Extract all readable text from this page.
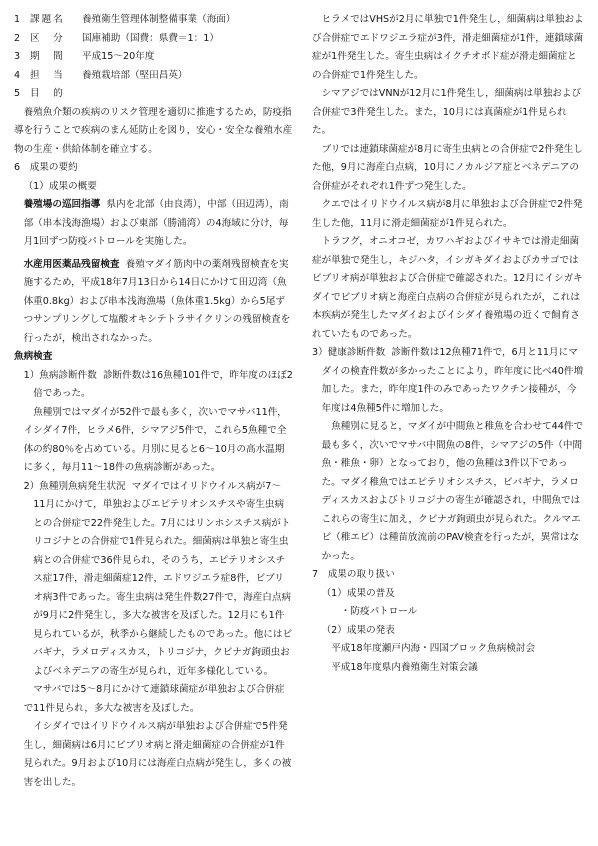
1	課題名	養殖衛生管理体制整備事業（海面）
2	区　分	国庫補助（国費：県費＝1：1）
3	期　間	平成15～20年度
4	担　当	養殖栽培部（堅田昌英）
5	目　的

養殖魚介類の疾病のリスク管理を適切に推進するため，防疫指導を行うことで疾病のまん延防止を図り，安心・安全な養殖水産物の生産・供給体制を確立する。

6　成果の要約

（1）成果の概要

養殖場の巡回指導 県内を北部（由良湾），中部（田辺湾），南部（串本浅海漁場）および東部（勝浦湾）の4海域に分け，毎月1回ずつ防疫パトロールを実施した。

水産用医薬品残留検査 養殖マダイ筋肉中の薬剤残留検査を実施するため，平成18年7月13日から14日にかけて田辺湾（魚体重0.8kg）および串本浅海漁場（魚体重1.5kg）から5尾ずつサンプリングして塩酸オキシテトラサイクリンの残留検査を行ったが，検出されなかった。

魚病検査

1）魚病診断件数 診断件数は16魚種101件で，昨年度のほぼ2倍であった。

魚種別ではマダイが52件で最も多く，次いでマサバ11件，イシダイ7件，ヒラメ6件，シマアジ5件で，これら5魚種で全体の約80％を占めている。月別に見ると6～10月の高水温期に多く，毎月11～18件の魚病診断があった。

2）魚種別魚病発生状況 マダイではイリドウイルス病が7～11月にかけて，単独およびエピテリオシスチスや寄生虫病との合併症で22件発生した。7月にはリンホシスチス病がトリコジナとの合併症で1件見られた。細菌病は単独と寄生虫病との合併症で36件見られ，そのうち，エピテリオシスチス症17件，滑走細菌症12件，エドワジエラ症8件，ビブリオ病3件であった。寄生虫病は発生件数27件で，海産白点病が9月に2件発生し，多大な被害を及ぼした。12月にも1件見られているが，秋季から継続したものであった。他にはビバギナ，ラメロディスカス，トリコジナ，クビナガ鉤頭虫およびベネデニアの寄生が見られ，近年多様化している。

マサバでは5～8月にかけて連鎖球菌症が単独および合併症で11件見られ，多大な被害を及ぼした。

イシダイではイリドウイルス病が単独および合併症で5件発生し，細菌病は6月にビブリオ病と滑走細菌症の合併症が1件見られた。9月および10月には海産白点病が発生し，多くの被害を出した。

ヒラメではVHSが2月に単独で1件発生し，細菌病は単独および合併症でエドワジエラ症が3件，滑走細菌症が1件，連鎖球菌症が1件発生した。寄生虫病はイクチオボド症が滑走細菌症との合併症で1件発生した。

シマアジではVNNが12月に1件発生し，細菌病は単独および合併症で3件発生した。また，10月には真菌症が1件見られた。

ブリでは連鎖球菌症が8月に寄生虫病との合併症で2件発生した他，9月に海産白点病，10月にノカルジア症とベネデニアの合併症がそれぞれ1件ずつ発生した。

クエではイリドウイルス病が8月に単独および合併症で2件発生した他，11月に滑走細菌症が1件見られた。

トラフグ，オニオコゼ，カワハギおよびイサキでは滑走細菌症が単独で発生し，キジハタ，イシガキダイおよびカサゴではビブリオ病が単独および合併症で確認された。12月にイシガキダイでビブリオ病と海産白点病の合併症が見られたが，これは本疾病が発生したマダイおよびイシダイ養殖場の近くで飼育されていたものであった。

3）健康診断件数 診断件数は12魚種71件で，6月と11月にマダイの検査件数が多かったことにより，昨年度に比べ40件増加した。また，昨年度1件のみであったワクチン接種が，今年度は4魚種5件に増加した。

魚種別に見ると，マダイが中間魚と稚魚を合わせて44件で最も多く，次いでマサバ中間魚の8件，シマアジの5件（中間魚・稚魚・卵）となっており，他の魚種は3件以下であった。マダイ稚魚ではエピテリオシスチス，ビバギナ，ラメロディスカスおよびトリコジナの寄生が確認され，中間魚ではこれらの寄生に加え，クビナガ鉤頭虫が見られた。クルマエビ（稚エビ）は種苗放流前のPAV検査を行ったが，異常はなかった。

7　成果の取り扱い

（1）成果の普及

・防疫パトロール

（2）成果の発表

平成18年度瀬戸内海・四国ブロック魚病検討会

平成18年度県内養殖衛生対策会議
